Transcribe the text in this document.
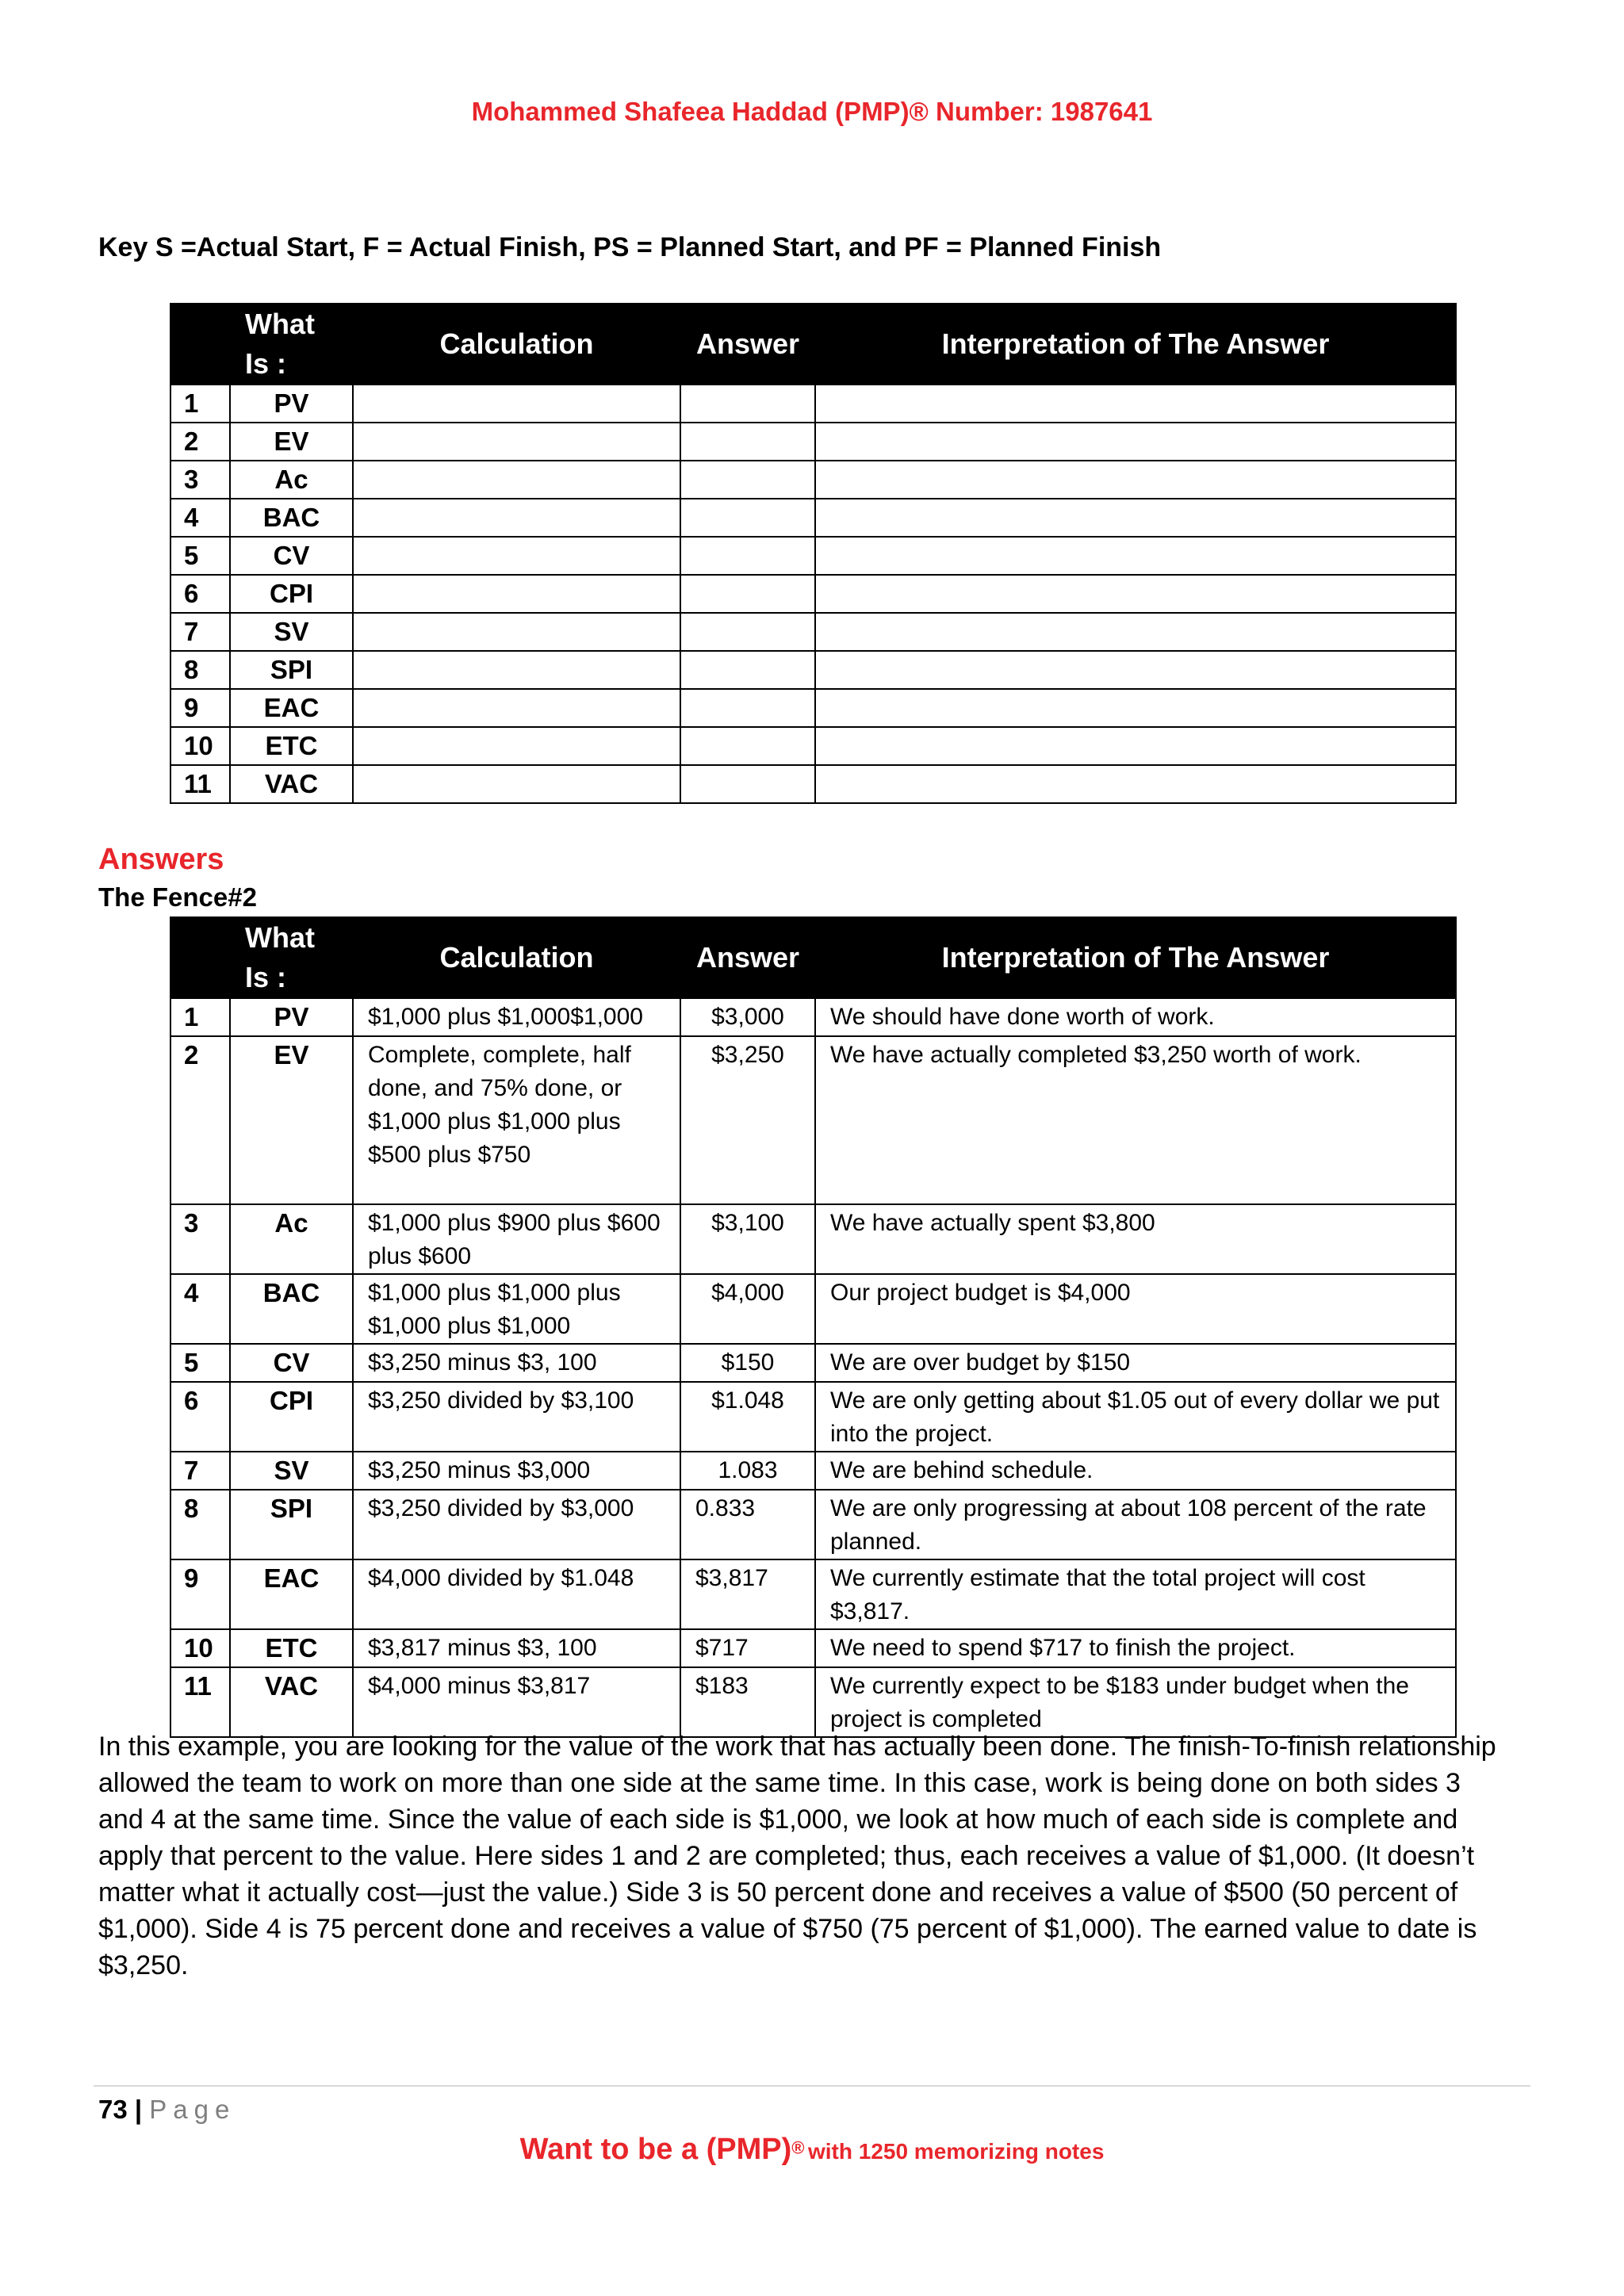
Mohammed Shafeea Haddad (PMP)® Number: 1987641
Key S =Actual Start, F = Actual Finish, PS = Planned Start, and PF = Planned Finish

	What
Is :	Calculation	Answer	Interpretation of The Answer
1	PV			
2	EV			
3	Ac			
4	BAC			
5	CV			
6	CPI			
7	SV			
8	SPI			
9	EAC			
10	ETC			
11	VAC			
Answers
The Fence#2

	What
Is :	Calculation	Answer	Interpretation of The Answer
1	PV	$1,000 plus $1,000$1,000	$3,000	We should have done worth of work.
2	EV	Complete, complete, half done, and 75% done, or $1,000 plus $1,000 plus $500 plus $750	$3,250	We have actually completed $3,250 worth of work.
3	Ac	$1,000 plus $900 plus $600 plus $600	$3,100	We have actually spent $3,800
4	BAC	$1,000 plus $1,000 plus $1,000 plus $1,000	$4,000	Our project budget is $4,000
5	CV	$3,250 minus $3, 100	$150	We are over budget by $150
6	CPI	$3,250 divided by $3,100	$1.048	We are only getting about $1.05 out of every dollar we put into the project.
7	SV	$3,250 minus $3,000	1.083	We are behind schedule.
8	SPI	$3,250 divided by $3,000	0.833	We are only progressing at about 108 percent of the rate planned.
9	EAC	$4,000 divided by $1.048	$3,817	We currently estimate that the total project will cost $3,817.
10	ETC	$3,817 minus $3, 100	$717	We need to spend $717 to finish the project.
11	VAC	$4,000 minus $3,817	$183	We currently expect to be $183 under budget when the project is completed
In this example, you are looking for the value of the work that has actually been done. The finish-To-finish relationship allowed the team to work on more than one side at the same time. In this case, work is being done on both sides 3 and 4 at the same time. Since the value of each side is $1,000, we look at how much of each side is complete and apply that percent to the value. Here sides 1 and 2 are completed; thus, each receives a value of $1,000. (It doesn’t matter what it actually cost—just the value.) Side 3 is 50 percent done and receives a value of $500 (50 percent of $1,000). Side 4 is 75 percent done and receives a value of $750 (75 percent of $1,000). The earned value to date is $3,250.
73 | Page
Want to be a (PMP)® with 1250 memorizing notes
